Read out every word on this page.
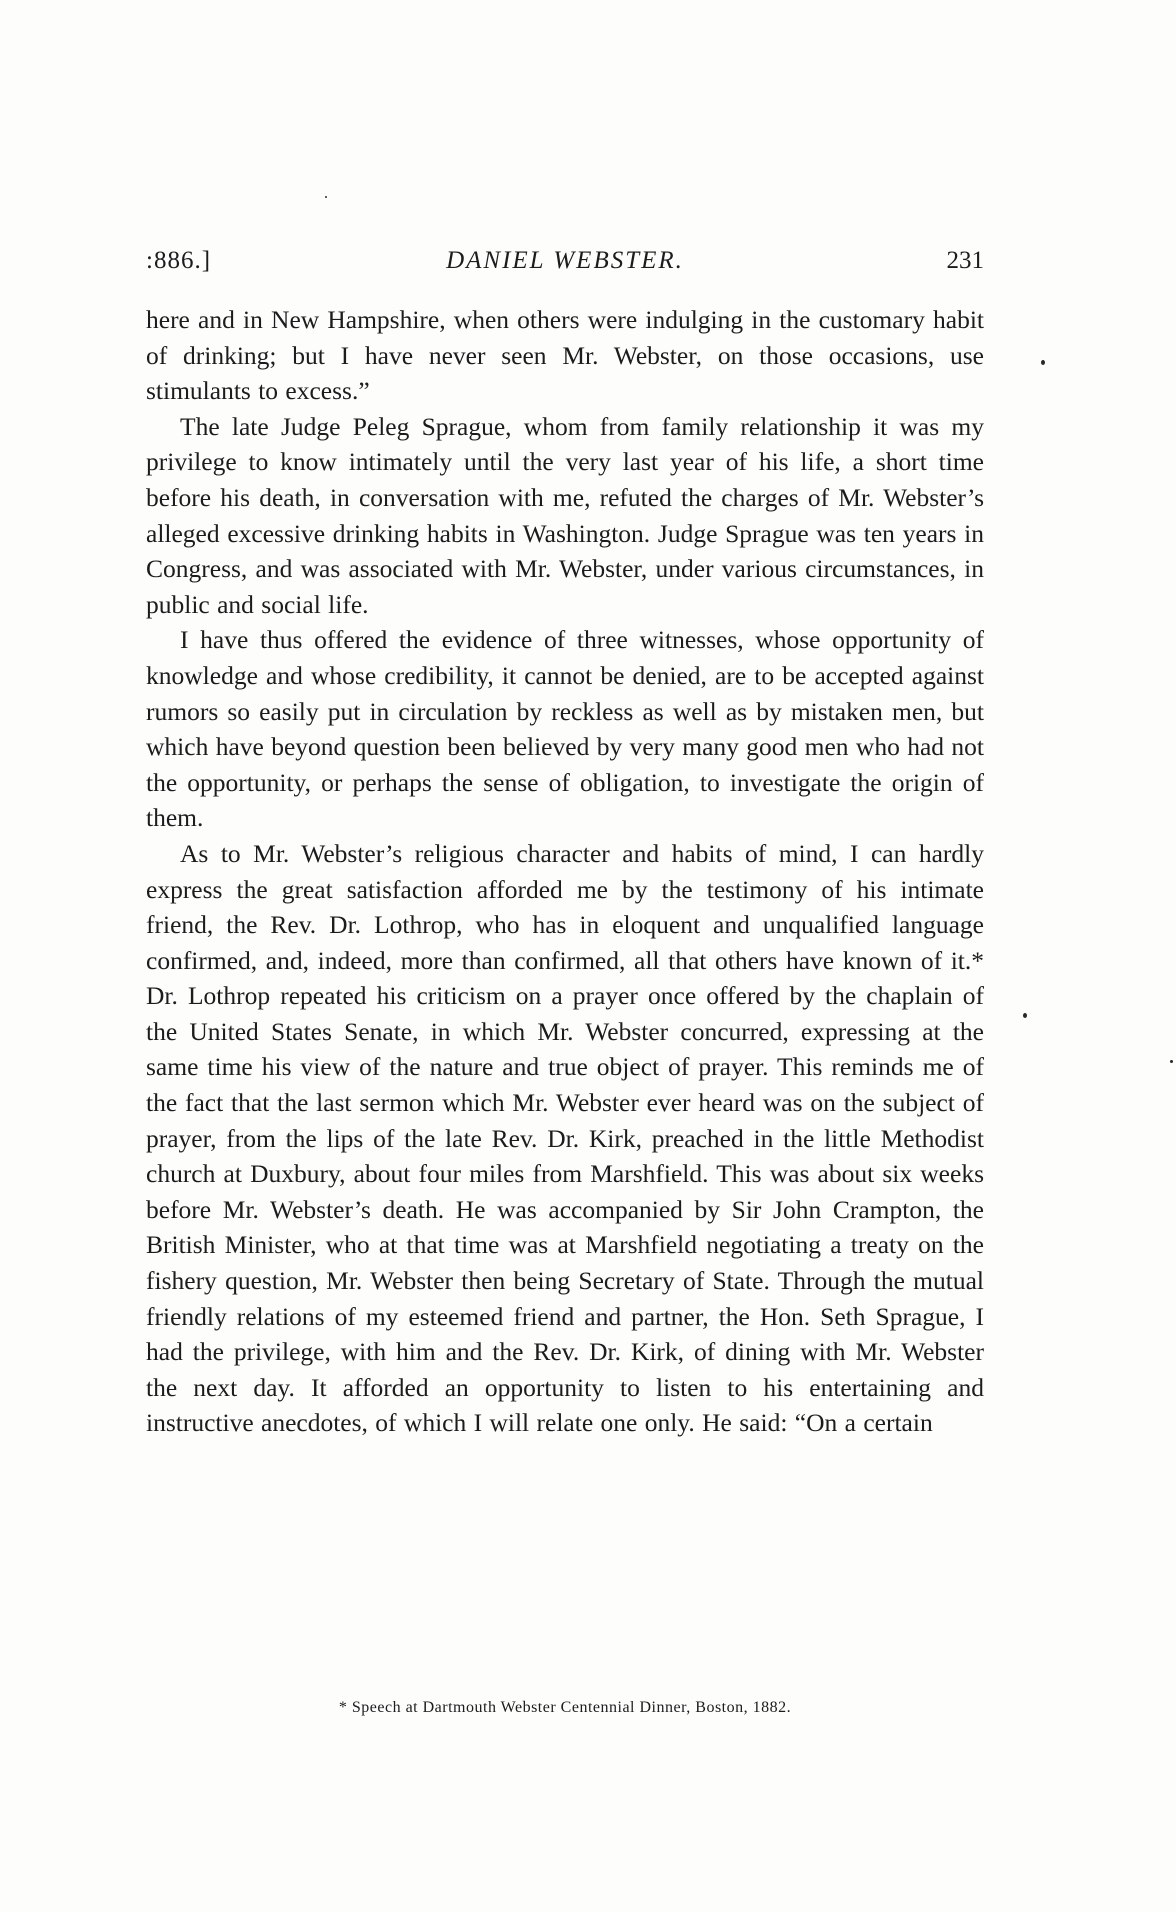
:886.]	DANIEL WEBSTER.	231

here and in New Hampshire, when others were indulging in the customary habit of drinking; but I have never seen Mr. Webster, on those occasions, use stimulants to excess.”

The late Judge Peleg Sprague, whom from family relationship it was my privilege to know intimately until the very last year of his life, a short time before his death, in conversation with me, refuted the charges of Mr. Webster’s alleged excessive drinking habits in Washington. Judge Sprague was ten years in Congress, and was associated with Mr. Webster, under various circumstances, in public and social life.

I have thus offered the evidence of three witnesses, whose opportunity of knowledge and whose credibility, it cannot be denied, are to be accepted against rumors so easily put in circulation by reckless as well as by mistaken men, but which have beyond question been believed by very many good men who had not the opportunity, or perhaps the sense of obligation, to investigate the origin of them.

As to Mr. Webster’s religious character and habits of mind, I can hardly express the great satisfaction afforded me by the testimony of his intimate friend, the Rev. Dr. Lothrop, who has in eloquent and unqualified language confirmed, and, indeed, more than confirmed, all that others have known of it.* Dr. Lothrop repeated his criticism on a prayer once offered by the chaplain of the United States Senate, in which Mr. Webster concurred, expressing at the same time his view of the nature and true object of prayer. This reminds me of the fact that the last sermon which Mr. Webster ever heard was on the subject of prayer, from the lips of the late Rev. Dr. Kirk, preached in the little Methodist church at Duxbury, about four miles from Marshfield. This was about six weeks before Mr. Webster’s death. He was accompanied by Sir John Crampton, the British Minister, who at that time was at Marshfield negotiating a treaty on the fishery question, Mr. Webster then being Secretary of State. Through the mutual friendly relations of my esteemed friend and partner, the Hon. Seth Sprague, I had the privilege, with him and the Rev. Dr. Kirk, of dining with Mr. Webster the next day. It afforded an opportunity to listen to his entertaining and instructive anecdotes, of which I will relate one only. He said: “On a certain

* Speech at Dartmouth Webster Centennial Dinner, Boston, 1882.
